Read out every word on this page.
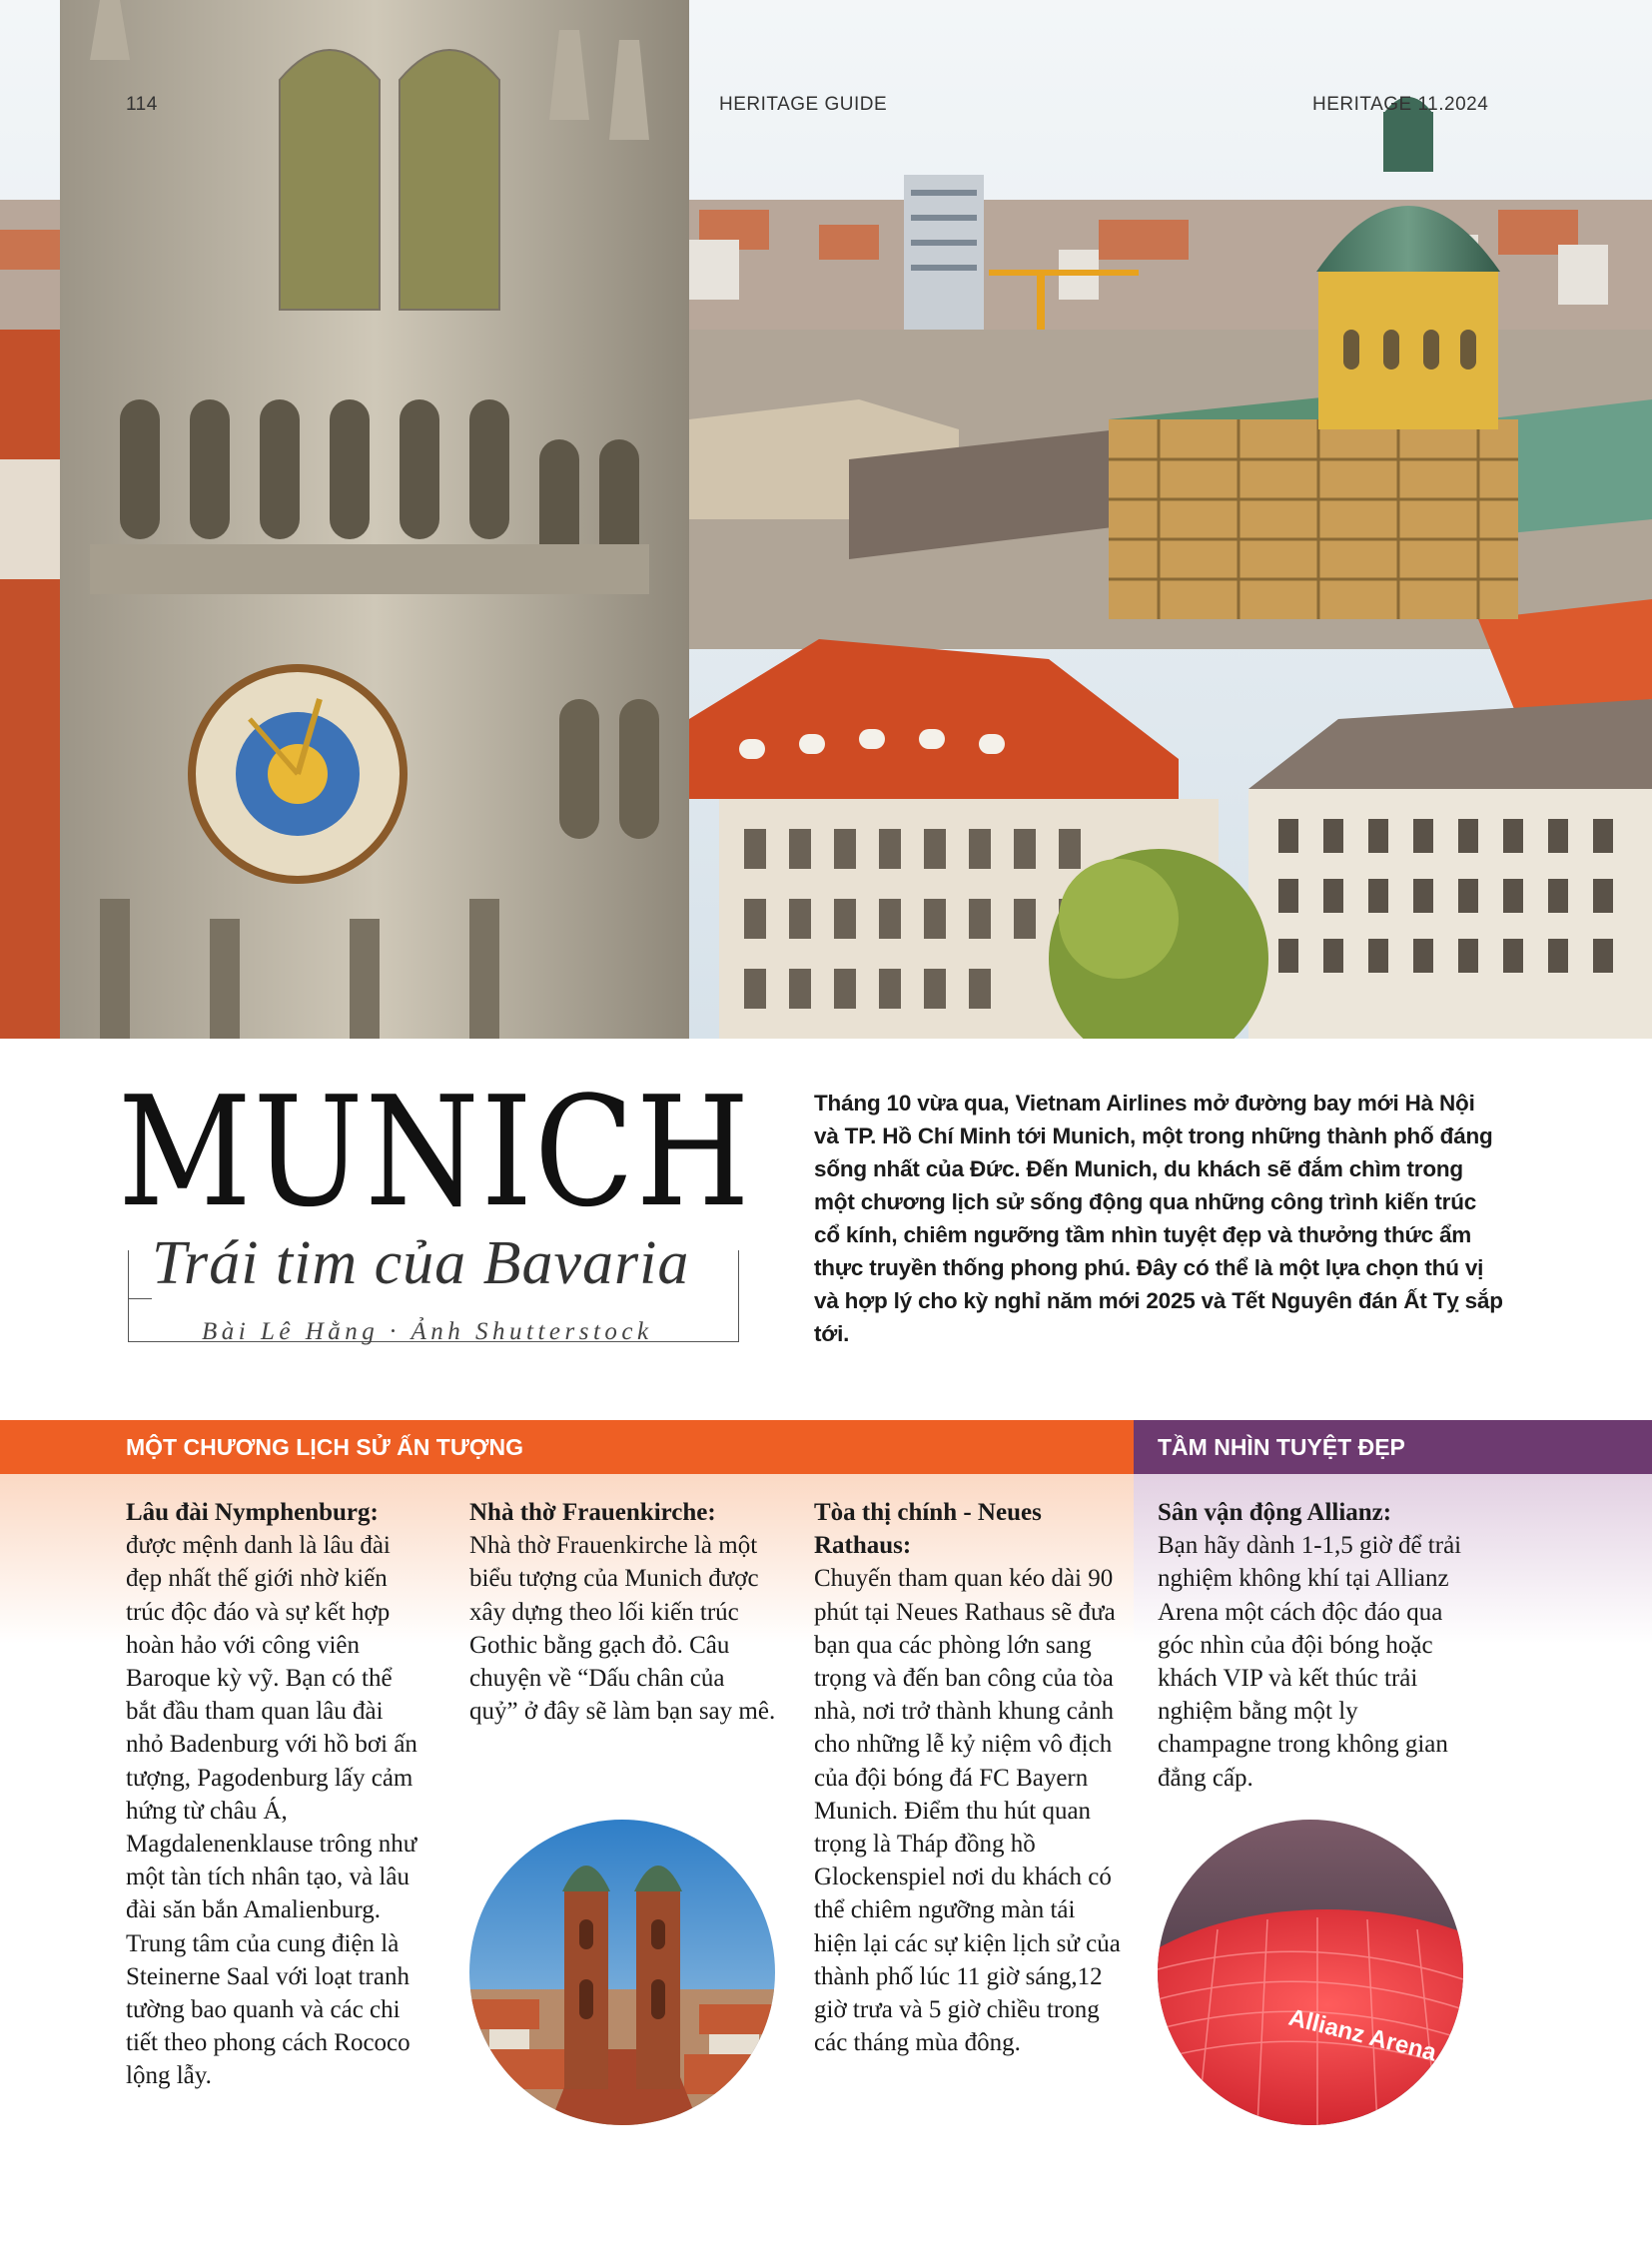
114	HERITAGE GUIDE	HERITAGE 11.2024
MUNICH
Trái tim của Bavaria
Bài Lê Hằng · Ảnh Shutterstock

Tháng 10 vừa qua, Vietnam Airlines mở đường bay mới Hà Nội và TP. Hồ Chí Minh tới Munich, một trong những thành phố đáng sống nhất của Đức. Đến Munich, du khách sẽ đắm chìm trong một chương lịch sử sống động qua những công trình kiến trúc cổ kính, chiêm ngưỡng tầm nhìn tuyệt đẹp và thưởng thức ẩm thực truyền thống phong phú. Đây có thể là một lựa chọn thú vị và hợp lý cho kỳ nghỉ năm mới 2025 và Tết Nguyên đán Ất Tỵ sắp tới.

MỘT CHƯƠNG LỊCH SỬ ẤN TƯỢNG	TẦM NHÌN TUYỆT ĐẸP
Lâu đài Nymphenburg:

được mệnh danh là lâu đài đẹp nhất thế giới nhờ kiến trúc độc đáo và sự kết hợp hoàn hảo với công viên Baroque kỳ vỹ. Bạn có thể bắt đầu tham quan lâu đài nhỏ Badenburg với hồ bơi ấn tượng, Pagodenburg lấy cảm hứng từ châu Á, Magdalenenklause trông như một tàn tích nhân tạo, và lâu đài săn bắn Amalienburg. Trung tâm của cung điện là Steinerne Saal với loạt tranh tường bao quanh và các chi tiết theo phong cách Rococo lộng lẫy.

Nhà thờ Frauenkirche:

Nhà thờ Frauenkirche là một biểu tượng của Munich được xây dựng theo lối kiến trúc Gothic bằng gạch đỏ. Câu chuyện về “Dấu chân của quỷ” ở đây sẽ làm bạn say mê.

Tòa thị chính - Neues Rathaus:

Chuyến tham quan kéo dài 90 phút tại Neues Rathaus sẽ đưa bạn qua các phòng lớn sang trọng và đến ban công của tòa nhà, nơi trở thành khung cảnh cho những lễ kỷ niệm vô địch của đội bóng đá FC Bayern Munich. Điểm thu hút quan trọng là Tháp đồng hồ Glockenspiel nơi du khách có thể chiêm ngưỡng màn tái hiện lại các sự kiện lịch sử của thành phố lúc 11 giờ sáng,12 giờ trưa và 5 giờ chiều trong các tháng mùa đông.

Sân vận động Allianz:

Bạn hãy dành 1-1,5 giờ để trải nghiệm không khí tại Allianz Arena một cách độc đáo qua góc nhìn của đội bóng hoặc khách VIP và kết thúc trải nghiệm bằng một ly champagne trong không gian đẳng cấp.

Allianz Arena
